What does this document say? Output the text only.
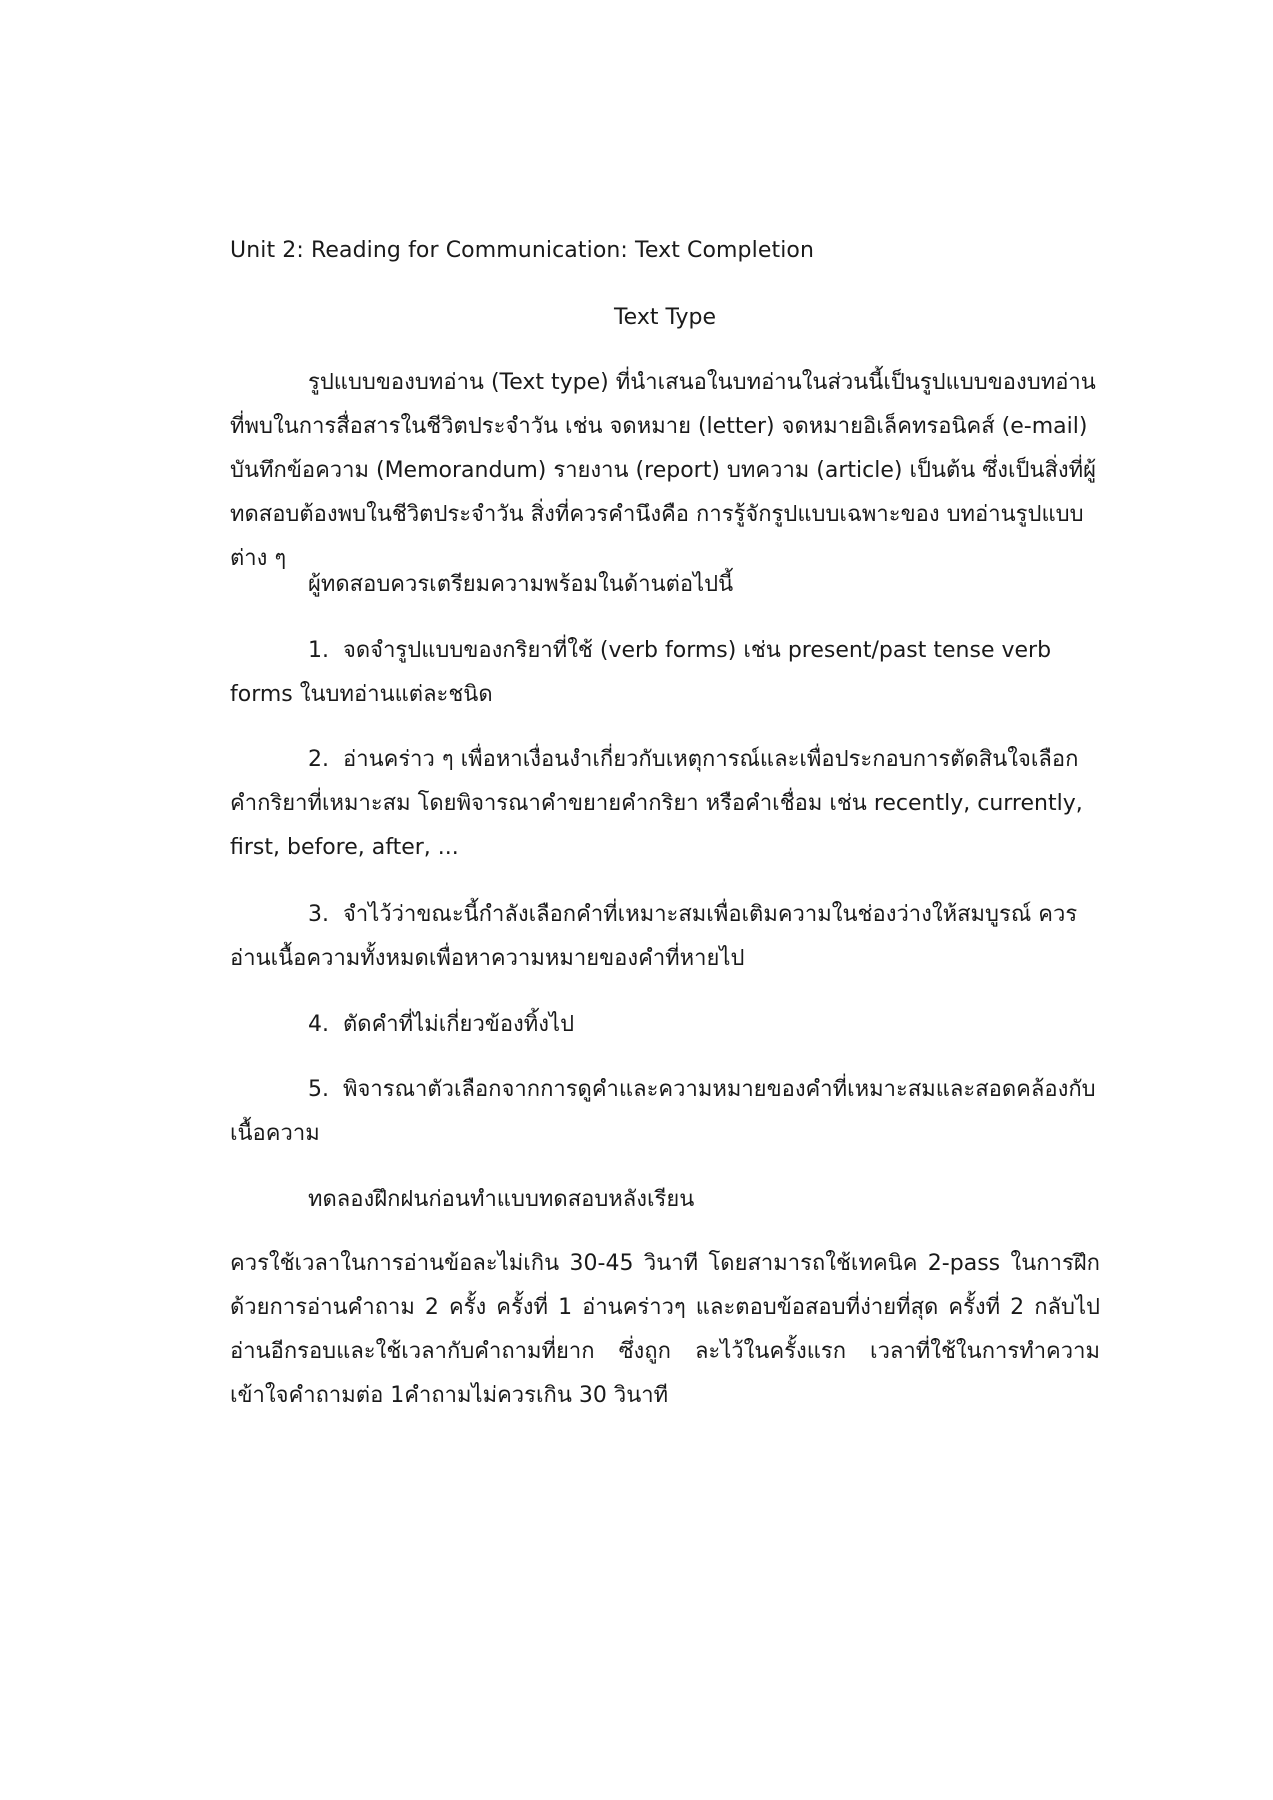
Unit 2: Reading for Communication: Text Completion
Text Type

รูปแบบของบทอ่าน (Text type) ที่นำเสนอในบทอ่านในส่วนนี้เป็นรูปแบบของบทอ่านที่พบในการสื่อสารในชีวิตประจำวัน เช่น จดหมาย (letter) จดหมายอิเล็คทรอนิคส์ (e-mail) บันทึกข้อความ (Memorandum) รายงาน (report) บทความ (article) เป็นต้น ซึ่งเป็นสิ่งที่ผู้ทดสอบต้องพบในชีวิตประจำวัน สิ่งที่ควรคำนึงคือ การรู้จักรูปแบบเฉพาะของ บทอ่านรูปแบบต่าง ๆ

ผู้ทดสอบควรเตรียมความพร้อมในด้านต่อไปนี้

1. จดจำรูปแบบของกริยาที่ใช้ (verb forms) เช่น present/past tense verb forms ในบทอ่านแต่ละชนิด

2. อ่านคร่าว ๆ เพื่อหาเงื่อนงำเกี่ยวกับเหตุการณ์และเพื่อประกอบการตัดสินใจเลือกคำกริยาที่เหมาะสม โดยพิจารณาคำขยายคำกริยา หรือคำเชื่อม เช่น recently, currently, first, before, after, ...

3. จำไว้ว่าขณะนี้กำลังเลือกคำที่เหมาะสมเพื่อเติมความในช่องว่างให้สมบูรณ์ ควรอ่านเนื้อความทั้งหมดเพื่อหาความหมายของคำที่หายไป

4. ตัดคำที่ไม่เกี่ยวข้องทิ้งไป

5. พิจารณาตัวเลือกจากการดูคำและความหมายของคำที่เหมาะสมและสอดคล้องกับเนื้อความ

ทดลองฝึกฝนก่อนทำแบบทดสอบหลังเรียน

ควรใช้เวลาในการอ่านข้อละไม่เกิน 30-45 วินาที โดยสามารถใช้เทคนิค 2-pass ในการฝึก ด้วยการอ่านคำถาม 2 ครั้ง ครั้งที่ 1 อ่านคร่าวๆ และตอบข้อสอบที่ง่ายที่สุด ครั้งที่ 2 กลับไปอ่านอีกรอบและใช้เวลากับคำถามที่ยาก ซึ่งถูก ละไว้ในครั้งแรก เวลาที่ใช้ในการทำความเข้าใจคำถามต่อ 1คำถามไม่ควรเกิน 30 วินาที
